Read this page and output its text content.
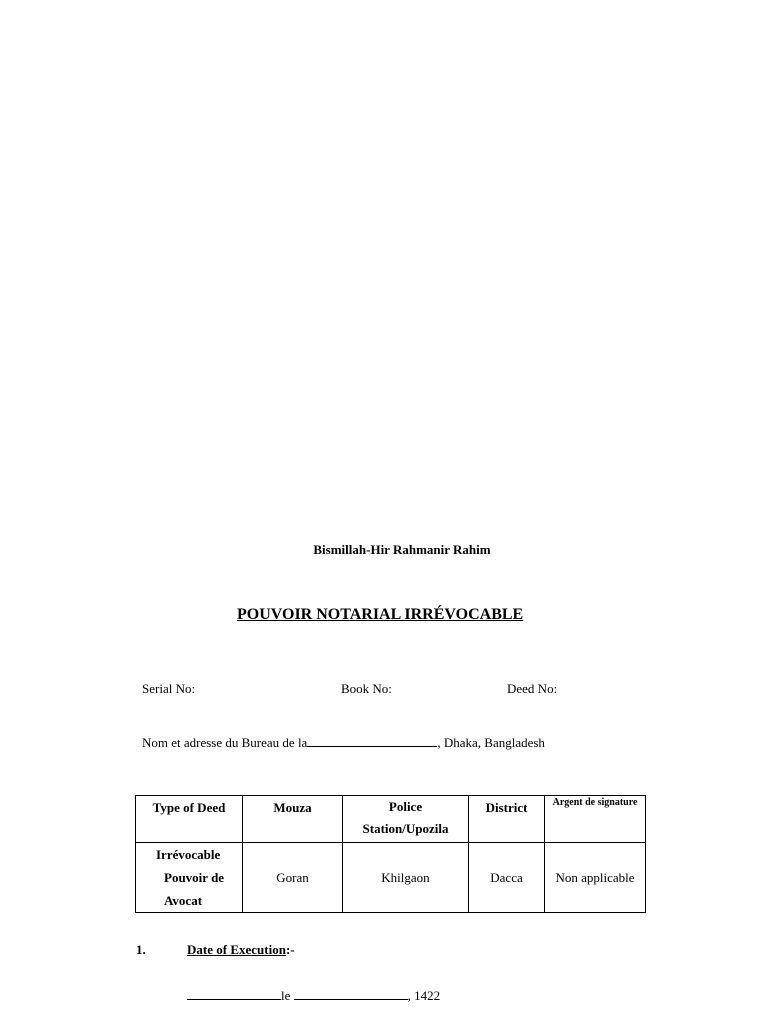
Bismillah-Hir Rahmanir Rahim
POUVOIR NOTARIAL IRRÉVOCABLE
Serial No:	Book No:	Deed No:
Nom et adresse du Bureau de la	, Dhaka, Bangladesh
Type of Deed	Mouza	Police Station/Upozila	District	Argent de signature

Irrévocable
Pouvoir de
Avocat	Goran	Khilgaon	Dacca	Non applicable
1.	Date of Execution:-
le	, 1422
